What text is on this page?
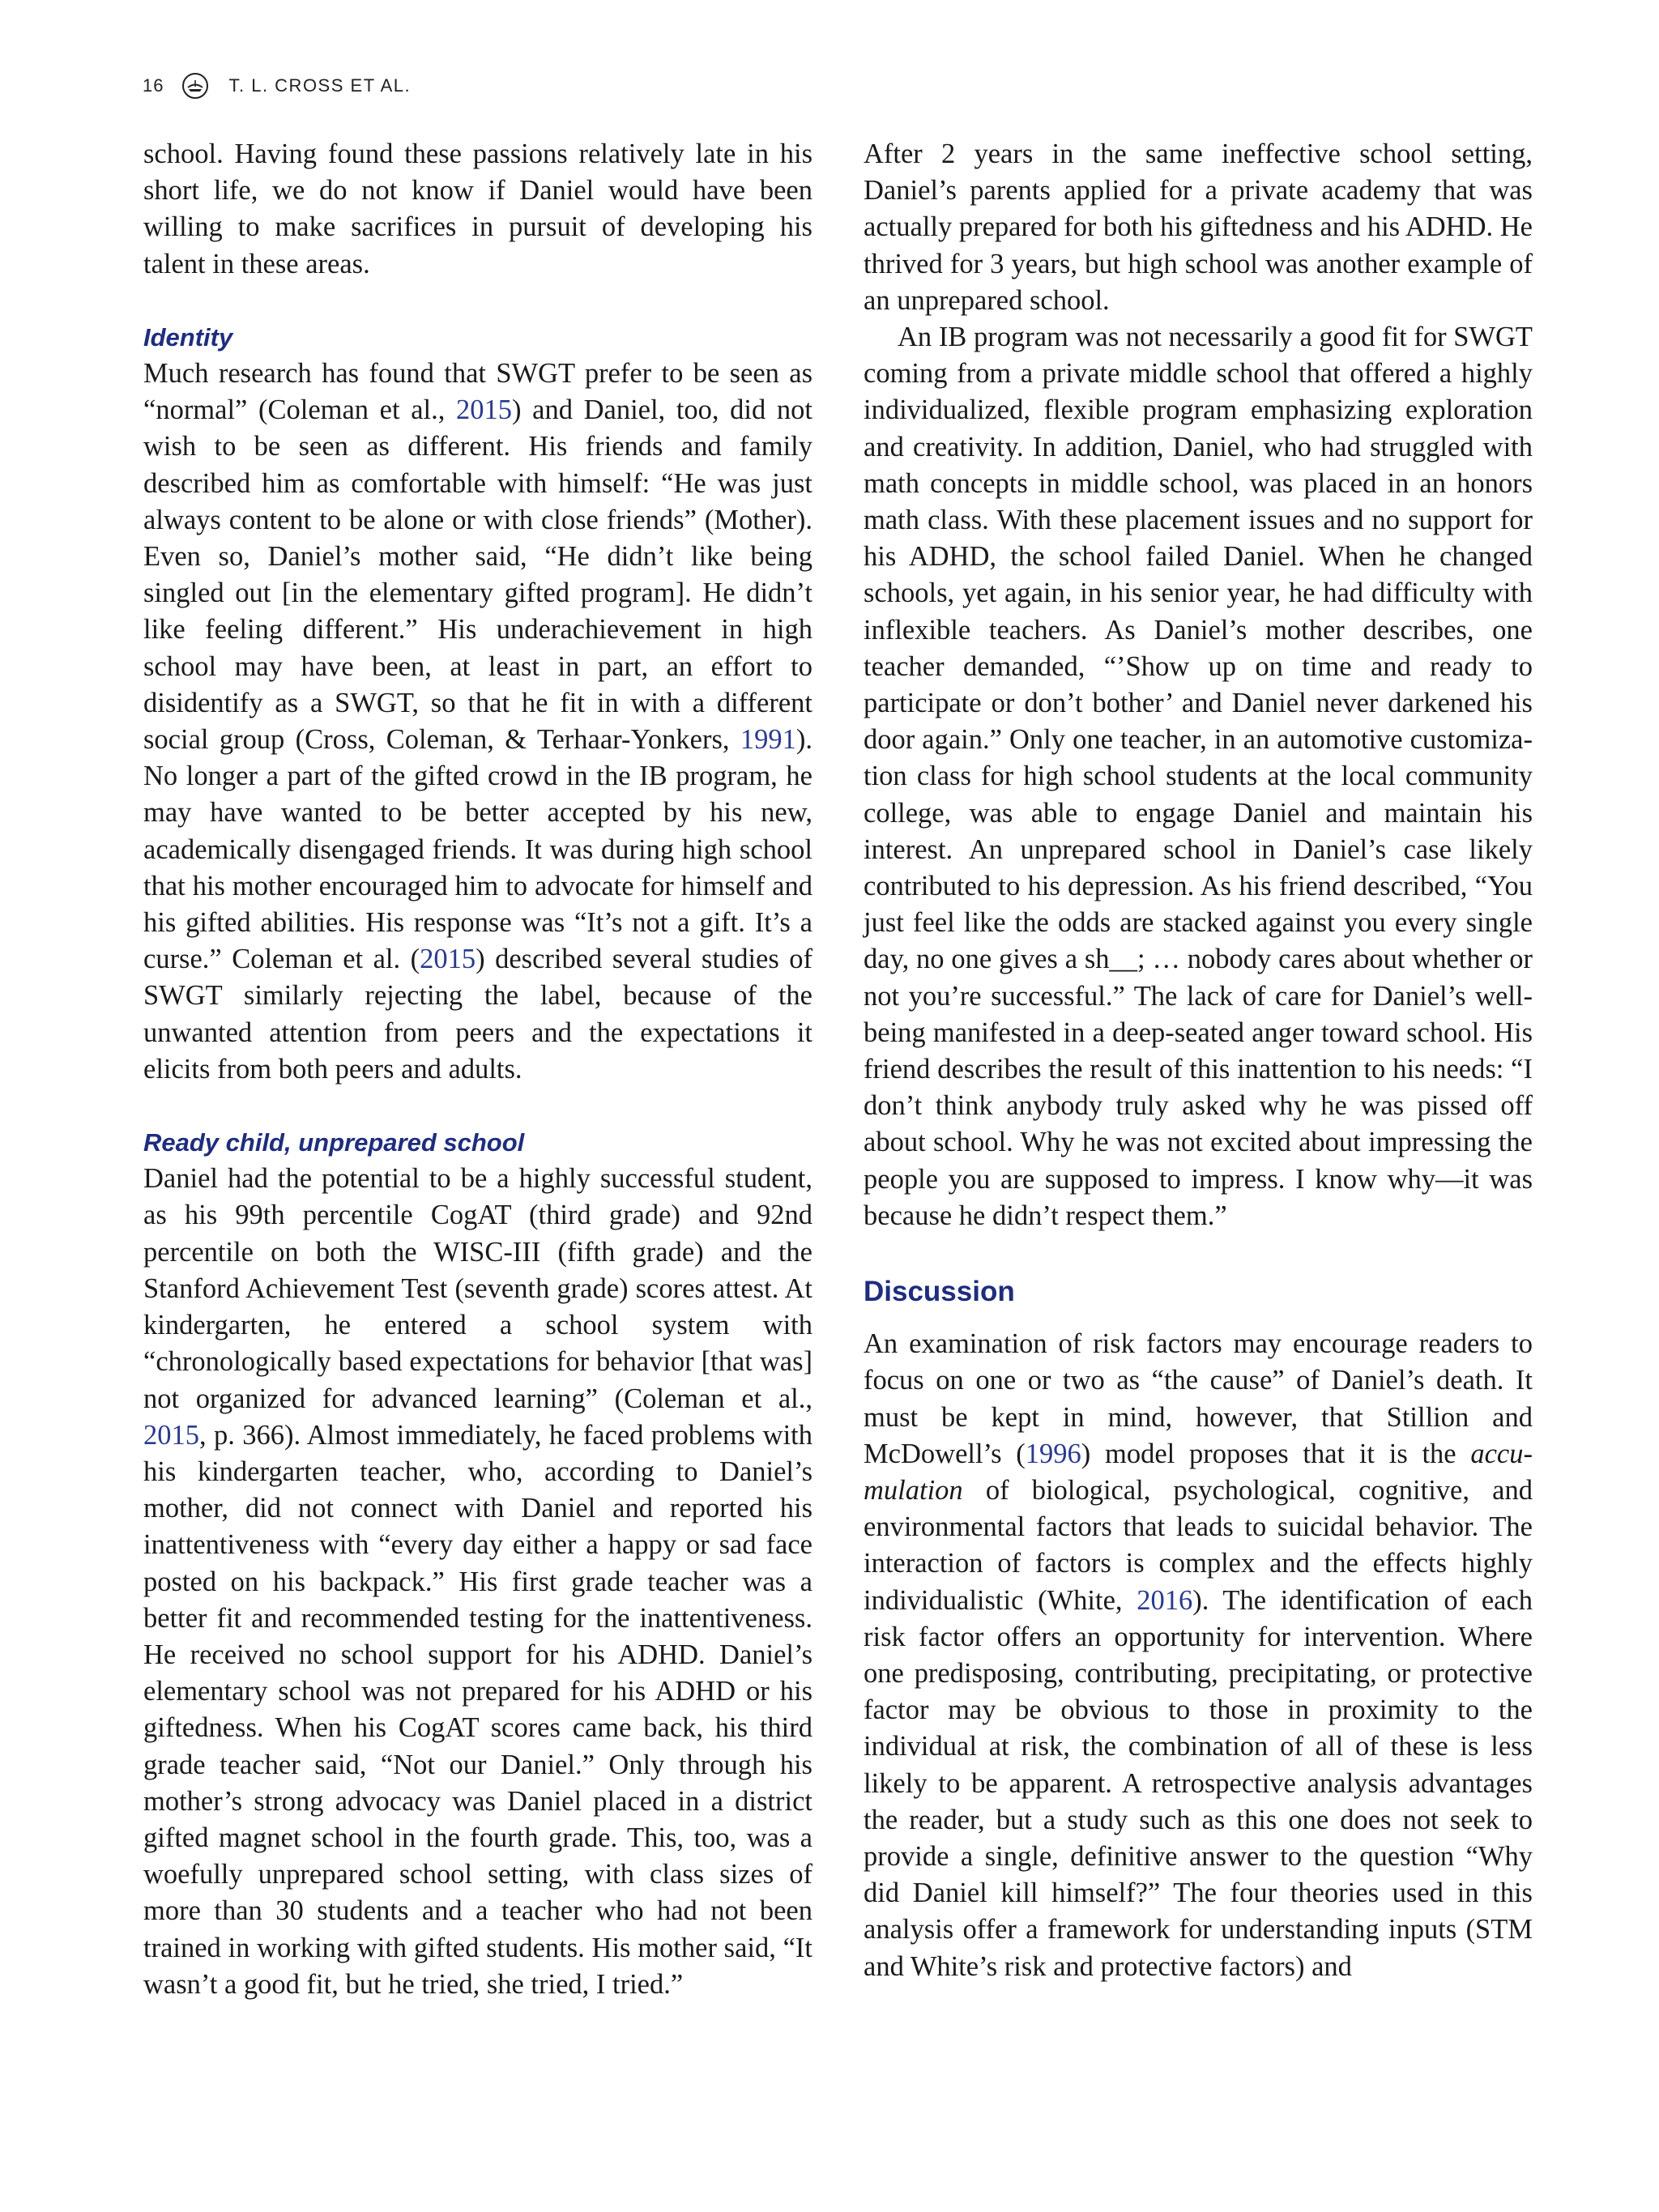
16	T. L. CROSS ET AL.

school. Having found these passions relatively late in his short life, we do not know if Daniel would have been willing to make sacrifices in pursuit of developing his talent in these areas.

Identity

Much research has found that SWGT prefer to be seen as “normal” (Coleman et al., 2015) and Daniel, too, did not wish to be seen as different. His friends and family described him as comfortable with himself: “He was just always content to be alone or with close friends” (Mother). Even so, Daniel’s mother said, “He didn’t like being singled out [in the elementary gifted program]. He didn’t like feeling different.” His underachievement in high school may have been, at least in part, an effort to disidentify as a SWGT, so that he fit in with a different social group (Cross, Coleman, & Terhaar-Yonkers, 1991). No longer a part of the gifted crowd in the IB program, he may have wanted to be better accepted by his new, academically disengaged friends. It was during high school that his mother encouraged him to advocate for himself and his gifted abilities. His response was “It’s not a gift. It’s a curse.” Coleman et al. (2015) described several studies of SWGT similarly rejecting the label, because of the unwanted attention from peers and the expectations it elicits from both peers and adults.

Ready child, unprepared school

Daniel had the potential to be a highly successful student, as his 99th percentile CogAT (third grade) and 92nd percentile on both the WISC-III (fifth grade) and the Stanford Achievement Test (seventh grade) scores attest. At kindergarten, he entered a school system with “chronologically based expectations for behavior [that was] not organized for advanced learning” (Coleman et al., 2015, p. 366). Almost immediately, he faced problems with his kindergarten teacher, who, according to Daniel’s mother, did not connect with Daniel and reported his inattentiveness with “every day either a happy or sad face posted on his backpack.” His first grade teacher was a better fit and recommended testing for the inattentiveness. He received no school support for his ADHD. Daniel’s elementary school was not prepared for his ADHD or his giftedness. When his CogAT scores came back, his third grade teacher said, “Not our Daniel.” Only through his mother’s strong advocacy was Daniel placed in a district gifted magnet school in the fourth grade. This, too, was a woefully unprepared school setting, with class sizes of more than 30 students and a teacher who had not been trained in working with gifted students. His mother said, “It wasn’t a good fit, but he tried, she tried, I tried.”

After 2 years in the same ineffective school setting, Daniel’s parents applied for a private academy that was actually prepared for both his giftedness and his ADHD. He thrived for 3 years, but high school was another example of an unprepared school.

An IB program was not necessarily a good fit for SWGT coming from a private middle school that offered a highly individualized, flexible program emphasizing exploration and creativity. In addition, Daniel, who had struggled with math concepts in middle school, was placed in an honors math class. With these placement issues and no support for his ADHD, the school failed Daniel. When he changed schools, yet again, in his senior year, he had difficulty with inflexible teachers. As Daniel’s mother describes, one teacher demanded, “’Show up on time and ready to participate or don’t bother’ and Daniel never darkened his door again.” Only one teacher, in an automotive customization class for high school students at the local community college, was able to engage Daniel and maintain his interest. An unprepared school in Daniel’s case likely contributed to his depression. As his friend described, “You just feel like the odds are stacked against you every single day, no one gives a sh__; … nobody cares about whether or not you’re successful.” The lack of care for Daniel’s well-being manifested in a deep-seated anger toward school. His friend describes the result of this inattention to his needs: “I don’t think anybody truly asked why he was pissed off about school. Why he was not excited about impressing the people you are supposed to impress. I know why—it was because he didn’t respect them.”

Discussion

An examination of risk factors may encourage readers to focus on one or two as “the cause” of Daniel’s death. It must be kept in mind, however, that Stillion and McDowell’s (1996) model proposes that it is the accumulation of biological, psychological, cognitive, and environmental factors that leads to suicidal behavior. The interaction of factors is complex and the effects highly individualistic (White, 2016). The identification of each risk factor offers an opportunity for intervention. Where one predisposing, contributing, precipitating, or protective factor may be obvious to those in proximity to the individual at risk, the combination of all of these is less likely to be apparent. A retrospective analysis advantages the reader, but a study such as this one does not seek to provide a single, definitive answer to the question “Why did Daniel kill himself?” The four theories used in this analysis offer a framework for understanding inputs (STM and White’s risk and protective factors) and
